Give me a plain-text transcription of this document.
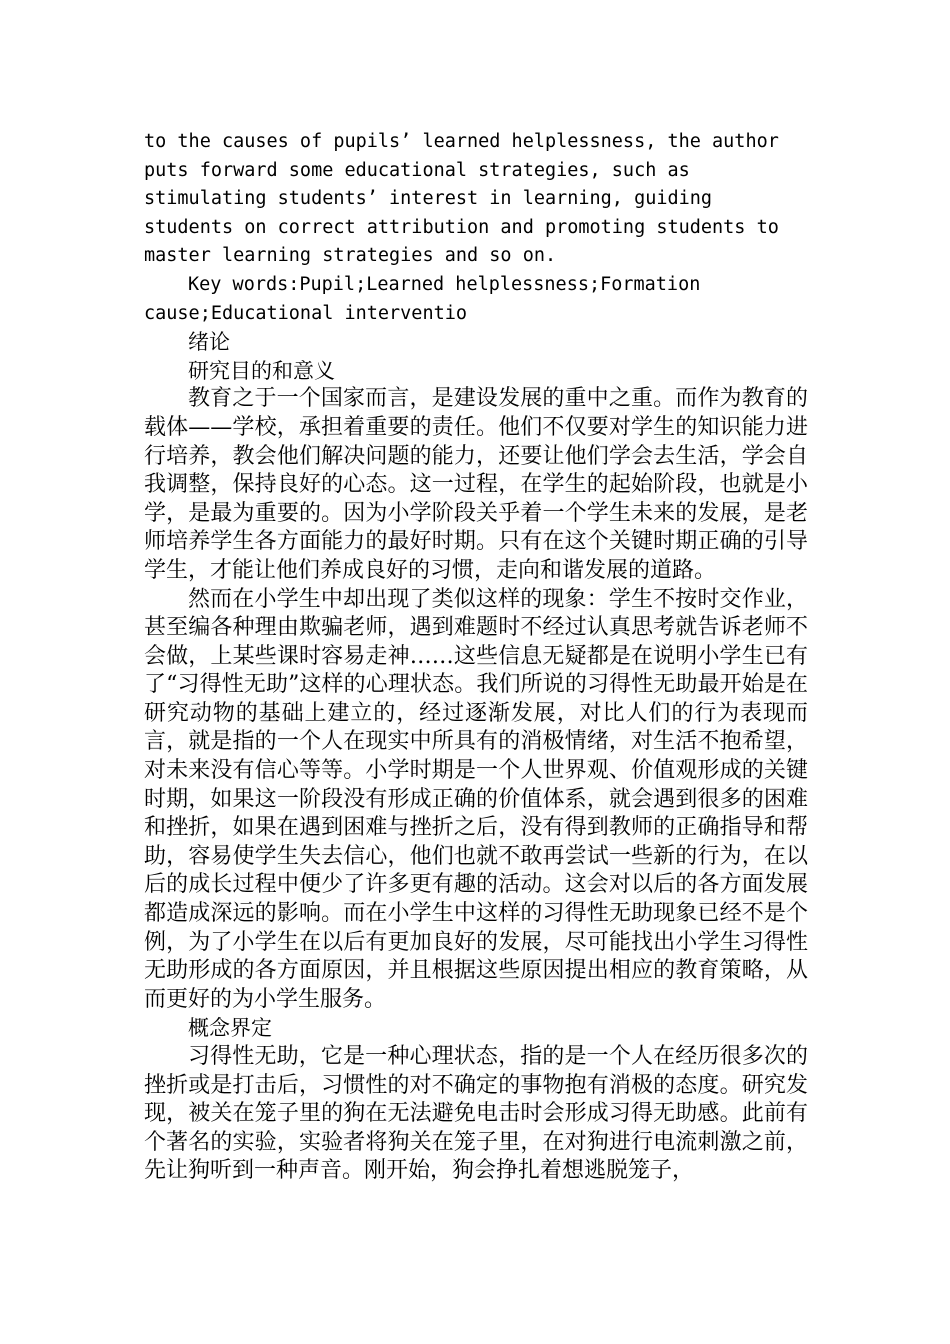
to the causes of pupils’ learned helplessness, the author
puts forward some educational strategies, such as
stimulating students’ interest in learning, guiding
students on correct attribution and promoting students to
master learning strategies and so on.

Key words:Pupil;Learned helplessness;Formation

cause;Educational interventio

绪论

研究目的和意义

教育之于一个国家而言，是建设发展的重中之重。而作为教育的载体——学校，承担着重要的责任。他们不仅要对学生的知识能力进行培养，教会他们解决问题的能力，还要让他们学会去生活，学会自我调整，保持良好的心态。这一过程，在学生的起始阶段，也就是小学，是最为重要的。因为小学阶段关乎着一个学生未来的发展，是老师培养学生各方面能力的最好时期。只有在这个关键时期正确的引导学生，才能让他们养成良好的习惯，走向和谐发展的道路。

然而在小学生中却出现了类似这样的现象：学生不按时交作业，甚至编各种理由欺骗老师，遇到难题时不经过认真思考就告诉老师不会做，上某些课时容易走神……这些信息无疑都是在说明小学生已有了“习得性无助”这样的心理状态。我们所说的习得性无助最开始是在研究动物的基础上建立的，经过逐渐发展，对比人们的行为表现而言，就是指的一个人在现实中所具有的消极情绪，对生活不抱希望，对未来没有信心等等。小学时期是一个人世界观、价值观形成的关键时期，如果这一阶段没有形成正确的价值体系，就会遇到很多的困难和挫折，如果在遇到困难与挫折之后，没有得到教师的正确指导和帮助，容易使学生失去信心，他们也就不敢再尝试一些新的行为，在以后的成长过程中便少了许多更有趣的活动。这会对以后的各方面发展都造成深远的影响。而在小学生中这样的习得性无助现象已经不是个例，为了小学生在以后有更加良好的发展，尽可能找出小学生习得性无助形成的各方面原因，并且根据这些原因提出相应的教育策略，从而更好的为小学生服务。

概念界定

习得性无助，它是一种心理状态，指的是一个人在经历很多次的挫折或是打击后，习惯性的对不确定的事物抱有消极的态度。研究发现，被关在笼子里的狗在无法避免电击时会形成习得无助感。此前有个著名的实验，实验者将狗关在笼子里，在对狗进行电流刺激之前，先让狗听到一种声音。刚开始，狗会挣扎着想逃脱笼子，
